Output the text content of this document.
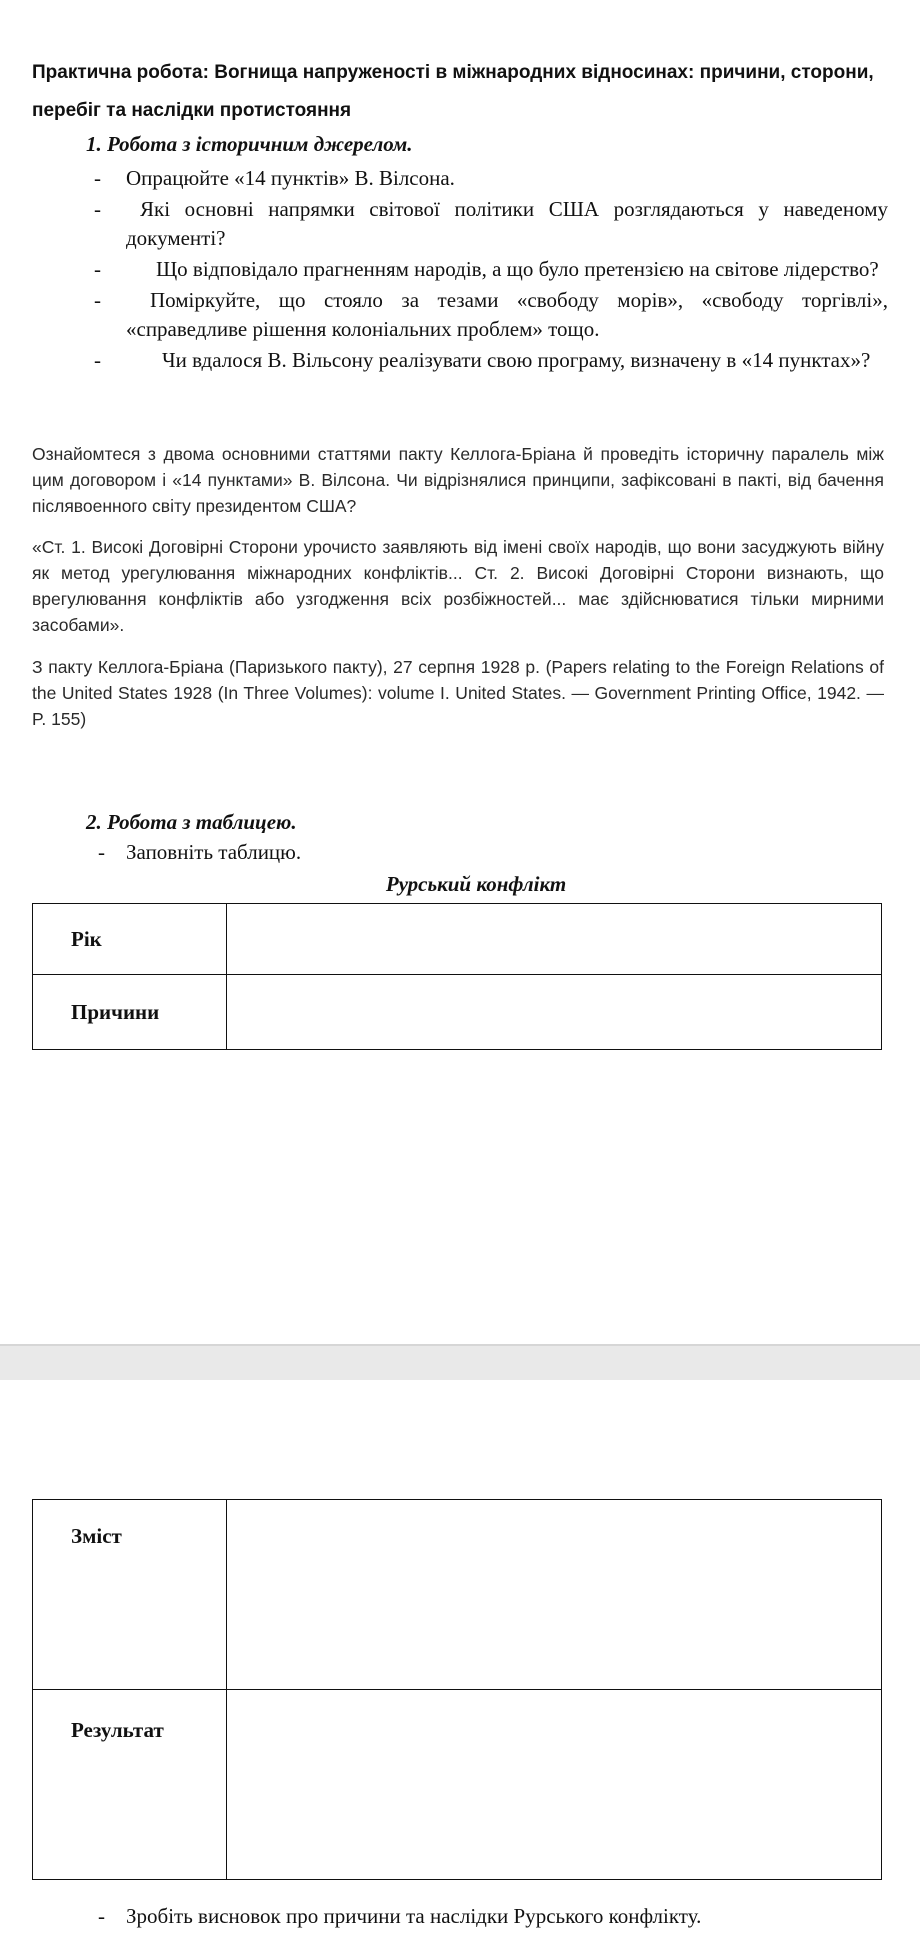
Практична робота: Вогнища напруженості в міжнародних відносинах: причини, сторони, перебіг та наслідки протистояння

1. Робота з історичним джерелом.

- Опрацюйте «14 пунктів» В. Вілсона.
- Які основні напрямки світової політики США розглядаються у наведеному документі?
-	Що відповідало прагненням народів, а що було претензією на світове лідерство?
- Поміркуйте, що стояло за тезами «свободу морів», «свободу торгівлі», «справедливе рішення колоніальних проблем» тощо.
-	Чи вдалося В. Вільсону реалізувати свою програму, визначену в «14 пунктах»?

Ознайомтеся з двома основними статтями пакту Келлога-Бріана й проведіть історичну паралель між цим договором і «14 пунктами» В. Вілсона. Чи відрізнялися принципи, зафіксовані в пакті, від бачення післявоенного світу президентом США?

«Ст. 1. Високі Договірні Сторони урочисто заявляють від імені своїх народів, що вони засуджують війну як метод урегулювання міжнародних конфліктів... Ст. 2. Високі Договірні Сторони визнають, що врегулювання конфліктів або узгодження всіх розбіжностей... має здійснюватися тільки мирними засобами».

З пакту Келлога-Бріана (Паризького пакту), 27 серпня 1928 р. (Papers relating to the Foreign Relations of the United States 1928 (In Three Volumes): volume I. United States. — Government Printing Office, 1942. — P. 155)

2. Робота з таблицею.

- Заповніть таблицю.

Рурський конфлікт

Рік	
Причини	
Зміст	
Результат	

- Зробіть висновок про причини та наслідки Рурського конфлікту.
